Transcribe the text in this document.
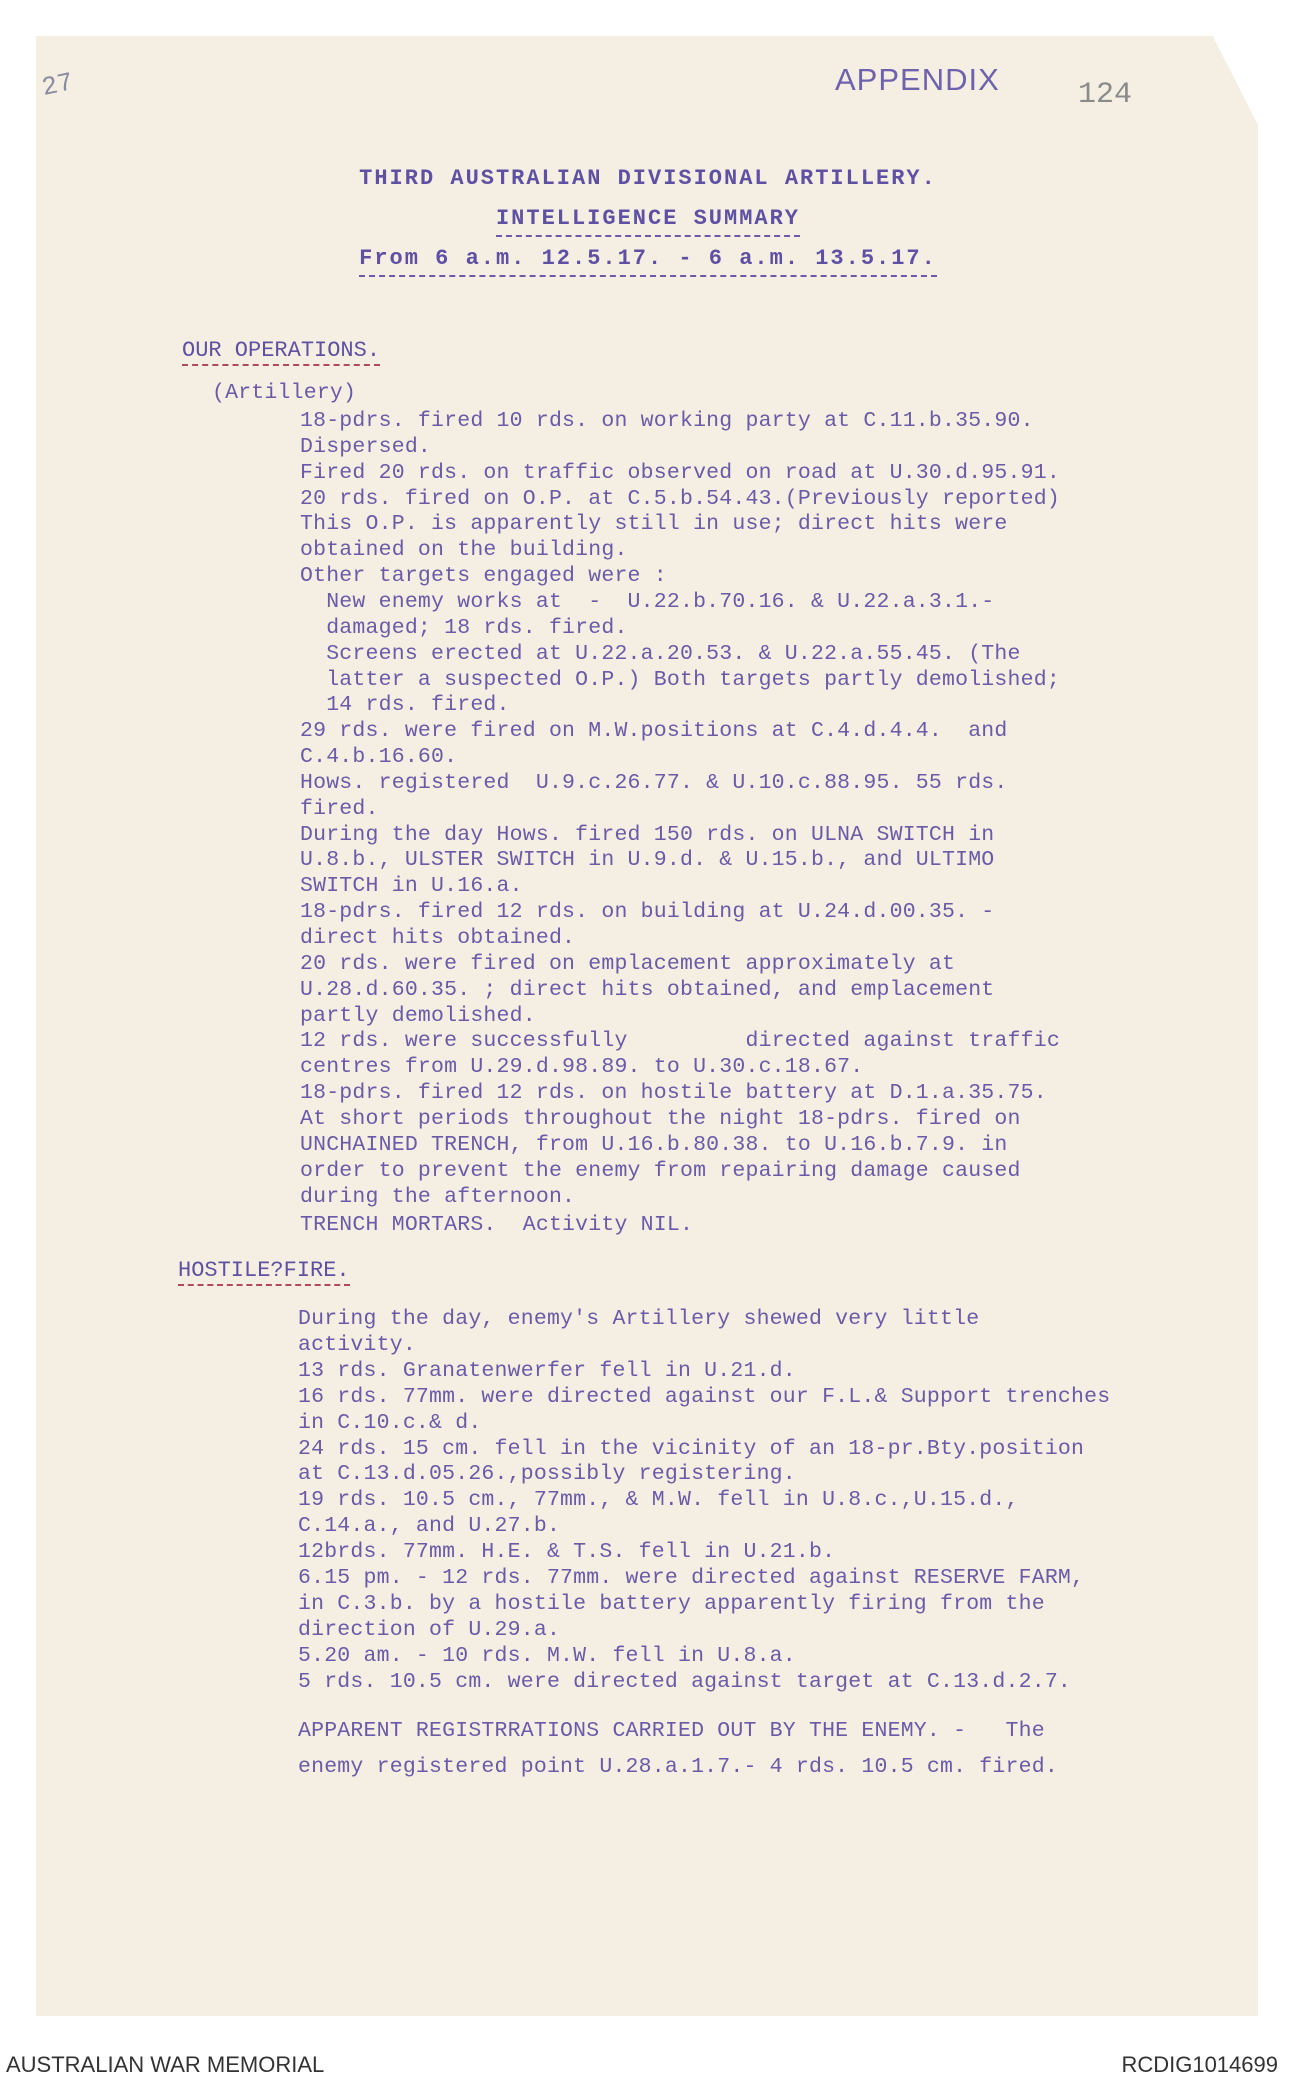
27	APPENDIX	124
THIRD AUSTRALIAN DIVISIONAL ARTILLERY.
INTELLIGENCE SUMMARY
From 6 a.m. 12.5.17. - 6 a.m. 13.5.17.
OUR OPERATIONS.
(Artillery)
18-pdrs. fired 10 rds. on working party at C.11.b.35.90.
Dispersed.
Fired 20 rds. on traffic observed on road at U.30.d.95.91.
20 rds. fired on O.P. at C.5.b.54.43.(Previously reported)
This O.P. is apparently still in use; direct hits were
obtained on the building.
Other targets engaged were :
New enemy works at  -  U.22.b.70.16. & U.22.a.3.1.-
damaged; 18 rds. fired.
Screens erected at U.22.a.20.53. & U.22.a.55.45. (The
latter a suspected O.P.) Both targets partly demolished;
14 rds. fired.
29 rds. were fired on M.W.positions at C.4.d.4.4.  and
C.4.b.16.60.
Hows. registered  U.9.c.26.77. & U.10.c.88.95. 55 rds.
fired.
During the day Hows. fired 150 rds. on ULNA SWITCH in
U.8.b., ULSTER SWITCH in U.9.d. & U.15.b., and ULTIMO
SWITCH in U.16.a.
18-pdrs. fired 12 rds. on building at U.24.d.00.35. -
direct hits obtained.
20 rds. were fired on emplacement approximately at
U.28.d.60.35. ; direct hits obtained, and emplacement
partly demolished.
12 rds. were successfully         directed against traffic
centres from U.29.d.98.89. to U.30.c.18.67.
18-pdrs. fired 12 rds. on hostile battery at D.1.a.35.75.
At short periods throughout the night 18-pdrs. fired on
UNCHAINED TRENCH, from U.16.b.80.38. to U.16.b.7.9. in
order to prevent the enemy from repairing damage caused
during the afternoon.
TRENCH MORTARS.  Activity NIL.
HOSTILE?FIRE.
During the day, enemy's Artillery shewed very little
activity.
13 rds. Granatenwerfer fell in U.21.d.
16 rds. 77mm. were directed against our F.L.& Support trenches
in C.10.c.& d.
24 rds. 15 cm. fell in the vicinity of an 18-pr.Bty.position
at C.13.d.05.26.,possibly registering.
19 rds. 10.5 cm., 77mm., & M.W. fell in U.8.c.,U.15.d.,
C.14.a., and U.27.b.
12brds. 77mm. H.E. & T.S. fell in U.21.b.
6.15 pm. - 12 rds. 77mm. were directed against RESERVE FARM,
in C.3.b. by a hostile battery apparently firing from the
direction of U.29.a.
5.20 am. - 10 rds. M.W. fell in U.8.a.
5 rds. 10.5 cm. were directed against target at C.13.d.2.7.
APPARENT REGISTRRATIONS CARRIED OUT BY THE ENEMY. -   The
enemy registered point U.28.a.1.7.- 4 rds. 10.5 cm. fired.
AUSTRALIAN WAR MEMORIAL	RCDIG1014699
